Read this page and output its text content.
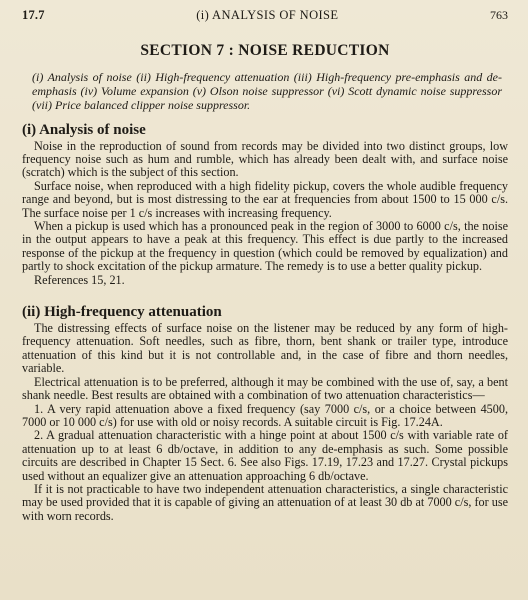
17.7	(i) ANALYSIS OF NOISE	763
SECTION 7 : NOISE REDUCTION

(i) Analysis of noise (ii) High-frequency attenuation (iii) High-frequency pre-emphasis and de-emphasis (iv) Volume expansion (v) Olson noise suppressor (vi) Scott dynamic noise suppressor (vii) Price balanced clipper noise suppressor.

(i) Analysis of noise

Noise in the reproduction of sound from records may be divided into two distinct groups, low frequency noise such as hum and rumble, which has already been dealt with, and surface noise (scratch) which is the subject of this section.

Surface noise, when reproduced with a high fidelity pickup, covers the whole audible frequency range and beyond, but is most distressing to the ear at frequencies from about 1500 to 15 000 c/s. The surface noise per 1 c/s increases with increasing frequency.

When a pickup is used which has a pronounced peak in the region of 3000 to 6000 c/s, the noise in the output appears to have a peak at this frequency. This effect is due partly to the increased response of the pickup at the frequency in question (which could be removed by equalization) and partly to shock excitation of the pickup armature. The remedy is to use a better quality pickup.

References 15, 21.

(ii) High-frequency attenuation

The distressing effects of surface noise on the listener may be reduced by any form of high-frequency attenuation. Soft needles, such as fibre, thorn, bent shank or trailer type, introduce attenuation of this kind but it is not controllable and, in the case of fibre and thorn needles, variable.

Electrical attenuation is to be preferred, although it may be combined with the use of, say, a bent shank needle. Best results are obtained with a combination of two attenuation characteristics—

1. A very rapid attenuation above a fixed frequency (say 7000 c/s, or a choice between 4500, 7000 or 10 000 c/s) for use with old or noisy records. A suitable circuit is Fig. 17.24A.

2. A gradual attenuation characteristic with a hinge point at about 1500 c/s with variable rate of attenuation up to at least 6 db/octave, in addition to any de-emphasis as such. Some possible circuits are described in Chapter 15 Sect. 6. See also Figs. 17.19, 17.23 and 17.27. Crystal pickups used without an equalizer give an attenuation approaching 6 db/octave.

If it is not practicable to have two independent attenuation characteristics, a single characteristic may be used provided that it is capable of giving an attenuation of at least 30 db at 7000 c/s, for use with worn records.
